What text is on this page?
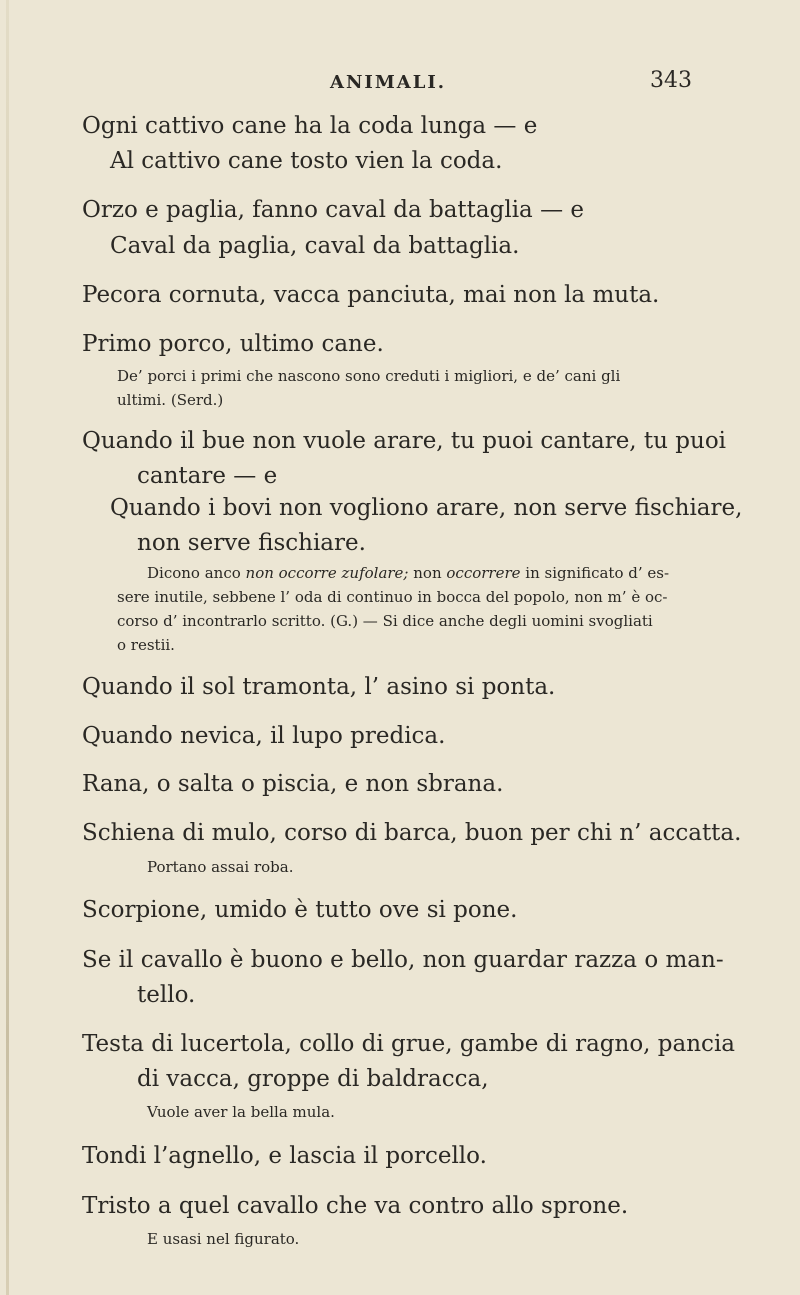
ANIMALI.	343
Ogni cattivo cane ha la coda lunga — e
Al cattivo cane tosto vien la coda.
Orzo e paglia, fanno caval da battaglia — e
Caval da paglia, caval da battaglia.
Pecora cornuta, vacca panciuta, mai non la muta.
Primo porco, ultimo cane.
De’ porci i primi che nascono sono creduti i migliori, e de’ cani gli
ultimi. (Serd.)
Quando il bue non vuole arare, tu puoi cantare, tu puoi
cantare — e
Quando i bovi non vogliono arare, non serve fischiare,
non serve fischiare.
Dicono anco non occorre zufolare; non occorrere in significato d’ es-
sere inutile, sebbene l’ oda di continuo in bocca del popolo, non m’ è oc-
corso d’ incontrarlo scritto. (G.) — Si dice anche degli uomini svogliati
o restii.
Quando il sol tramonta, l’ asino si ponta.
Quando nevica, il lupo predica.
Rana, o salta o piscia, e non sbrana.
Schiena di mulo, corso di barca, buon per chi n’ accatta.
Portano assai roba.
Scorpione, umido è tutto ove si pone.
Se il cavallo è buono e bello, non guardar razza o man-
tello.
Testa di lucertola, collo di grue, gambe di ragno, pancia
di vacca, groppe di baldracca,
Vuole aver la bella mula.
Tondi l’agnello, e lascia il porcello.
Tristo a quel cavallo che va contro allo sprone.
E usasi nel figurato.
